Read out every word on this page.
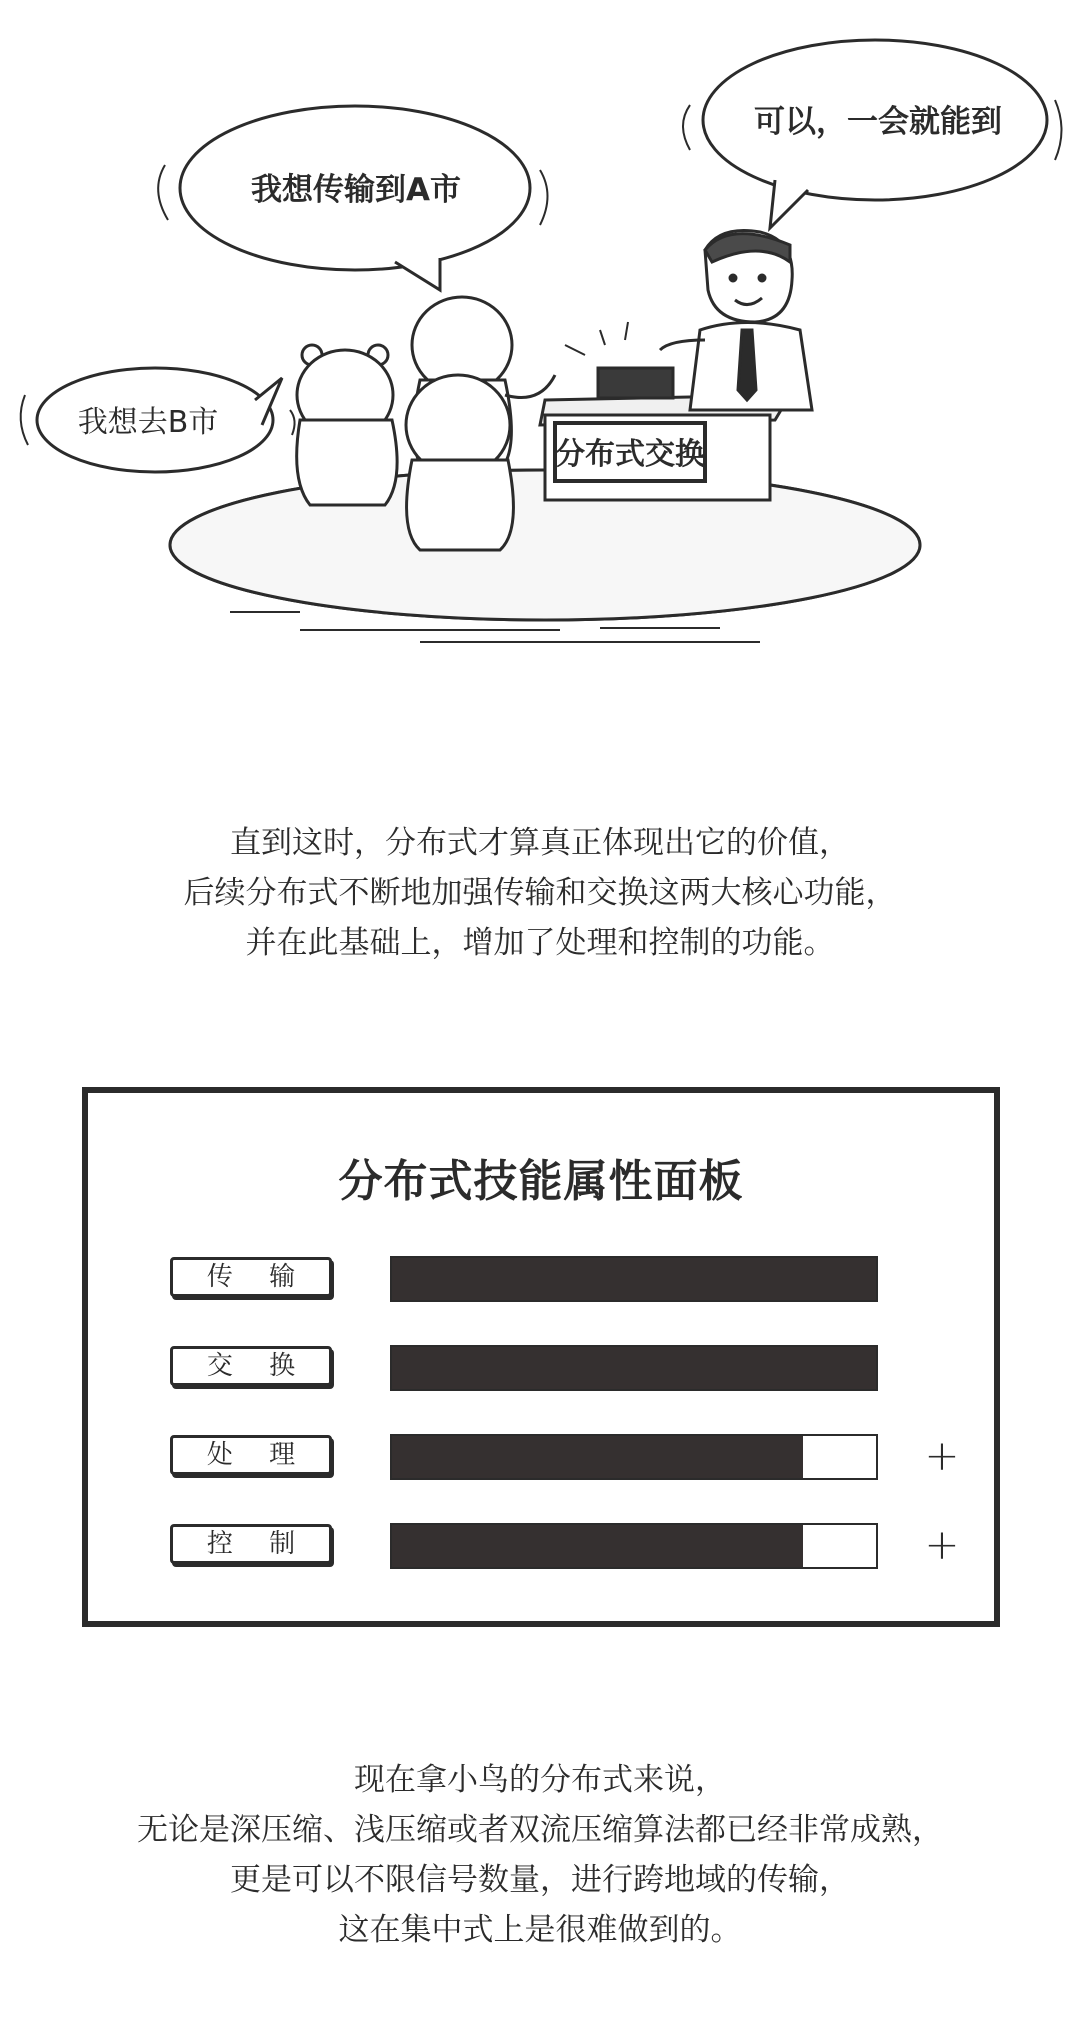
分布式交换
我想去B市
我想传输到A市
可以，一会就能到

直到这时，分布式才算真正体现出它的价值，

后续分布式不断地加强传输和交换这两大核心功能，

并在此基础上，增加了处理和控制的功能。

分布式技能属性面板
传 输
交 换
处 理	+
控 制	+

现在拿小鸟的分布式来说，

无论是深压缩、浅压缩或者双流压缩算法都已经非常成熟，

更是可以不限信号数量，进行跨地域的传输，

这在集中式上是很难做到的。
